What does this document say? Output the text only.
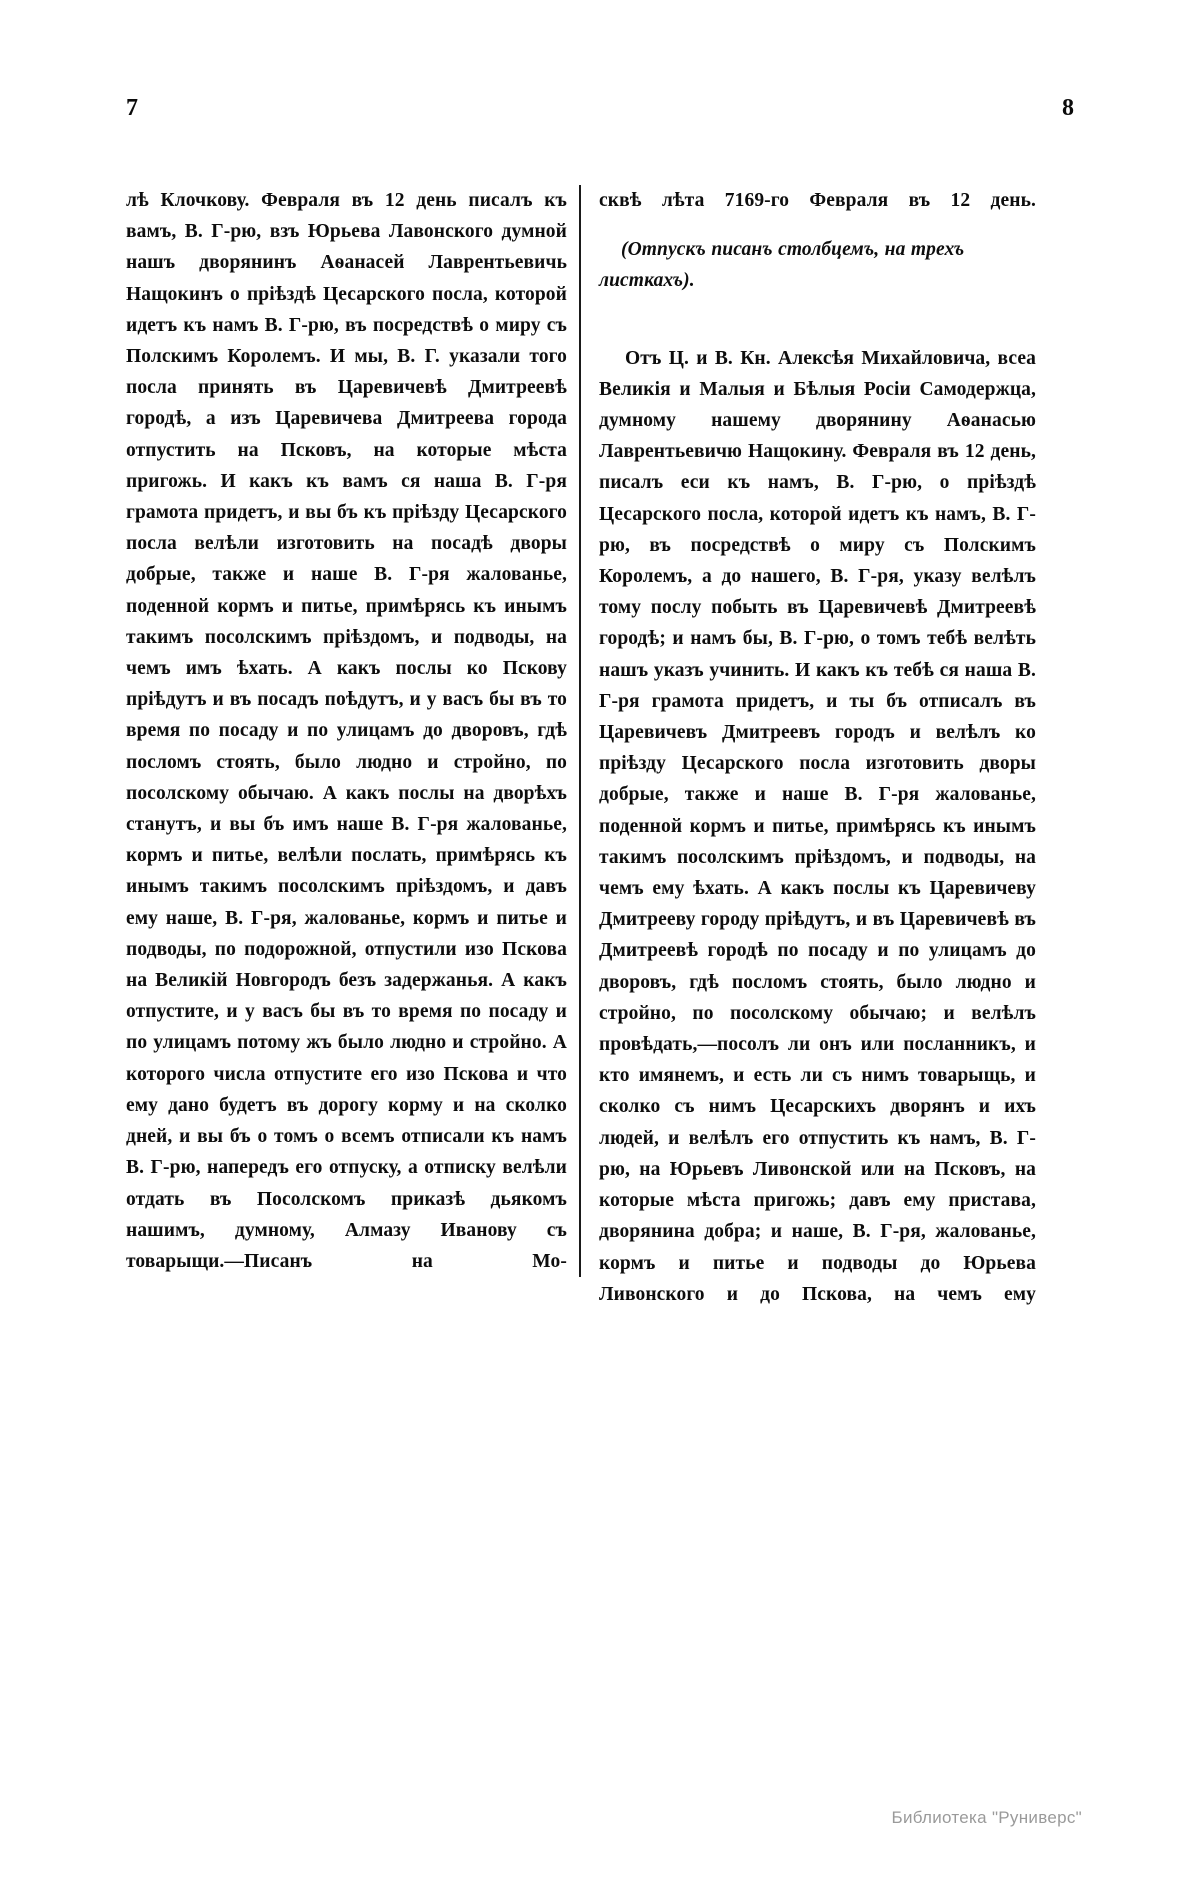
7	8

лѣ Клочкову. Февраля въ 12 день писалъ къ вамъ, В. Г-рю, взъ Юрьева Лавонского думной нашъ дворянинъ Аѳанасей Лаврентьевичь Нащокинъ о пріѣздѣ Цесарского посла, которой идетъ къ намъ В. Г-рю, въ посредствѣ о миру съ Полскимъ Королемъ. И мы, В. Г. указали того посла принять въ Царевичевѣ Дмитреевѣ городѣ, а изъ Царевичева Дмитреева города отпустить на Псковъ, на которые мѣста пригожь. И какъ къ вамъ ся наша В. Г-ря грамота придетъ, и вы бъ къ пріѣзду Цесарского посла велѣли изготовить на посадѣ дворы добрые, также и наше В. Г-ря жалованье, поденной кормъ и питье, примѣрясь къ инымъ такимъ посолскимъ пріѣздомъ, и подводы, на чемъ имъ ѣхать. А какъ послы ко Пскову пріѣдутъ и въ посадъ поѣдутъ, и у васъ бы въ то время по посаду и по улицамъ до дворовъ, гдѣ посломъ стоять, было людно и стройно, по посолскому обычаю. А какъ послы на дворѣхъ станутъ, и вы бъ имъ наше В. Г-ря жалованье, кормъ и питье, велѣли послать, примѣрясь къ инымъ такимъ посолскимъ пріѣздомъ, и давъ ему наше, В. Г-ря, жалованье, кормъ и питье и подводы, по подорожной, отпустили изо Пскова на Великій Новгородъ безъ задержанья. А какъ отпустите, и у васъ бы въ то время по посаду и по улицамъ потому жъ было людно и стройно. А которого числа отпустите его изо Пскова и что ему дано будетъ въ дорогу корму и на сколко дней, и вы бъ о томъ о всемъ отписали къ намъ В. Г-рю, напередъ его отпуску, а отписку велѣли отдать въ Посолскомъ приказѣ дьякомъ нашимъ, думному, Алмазу Иванову съ товарыщи.—Писанъ на Мо-

сквѣ лѣта 7169-го Февраля въ 12 день.

(Отпускъ писанъ столбцемъ, на трехъ листкахъ).

Отъ Ц. и В. Кн. Алексѣя Михайловича, всеа Великія и Малыя и Бѣлыя Росіи Самодержца, думному нашему дворянину Аѳанасью Лаврентьевичю Нащокину. Февраля въ 12 день, писалъ еси къ намъ, В. Г-рю, о пріѣздѣ Цесарского посла, которой идетъ къ намъ, В. Г-рю, въ посредствѣ о миру съ Полскимъ Королемъ, а до нашего, В. Г-ря, указу велѣлъ тому послу побыть въ Царевичевѣ Дмитреевѣ городѣ; и намъ бы, В. Г-рю, о томъ тебѣ велѣть нашъ указъ учинить. И какъ къ тебѣ ся наша В. Г-ря грамота придетъ, и ты бъ отписалъ въ Царевичевъ Дмитреевъ городъ и велѣлъ ко пріѣзду Цесарского посла изготовить дворы добрые, также и наше В. Г-ря жалованье, поденной кормъ и питье, примѣрясь къ инымъ такимъ посолскимъ пріѣздомъ, и подводы, на чемъ ему ѣхать. А какъ послы къ Царевичеву Дмитрееву городу пріѣдутъ, и въ Царевичевѣ въ Дмитреевѣ городѣ по посаду и по улицамъ до дворовъ, гдѣ посломъ стоять, было людно и стройно, по посолскому обычаю; и велѣлъ провѣдать,—посолъ ли онъ или посланникъ, и кто имянемъ, и есть ли съ нимъ товарыщь, и сколко съ нимъ Цесарскихъ дворянъ и ихъ людей, и велѣлъ его отпустить къ намъ, В. Г-рю, на Юрьевъ Ливонской или на Псковъ, на которые мѣста пригожь; давъ ему пристава, дворянина добра; и наше, В. Г-ря, жалованье, кормъ и питье и подводы до Юрьева Ливонского и до Пскова, на чемъ ему

Библиотека "Руниверс"
